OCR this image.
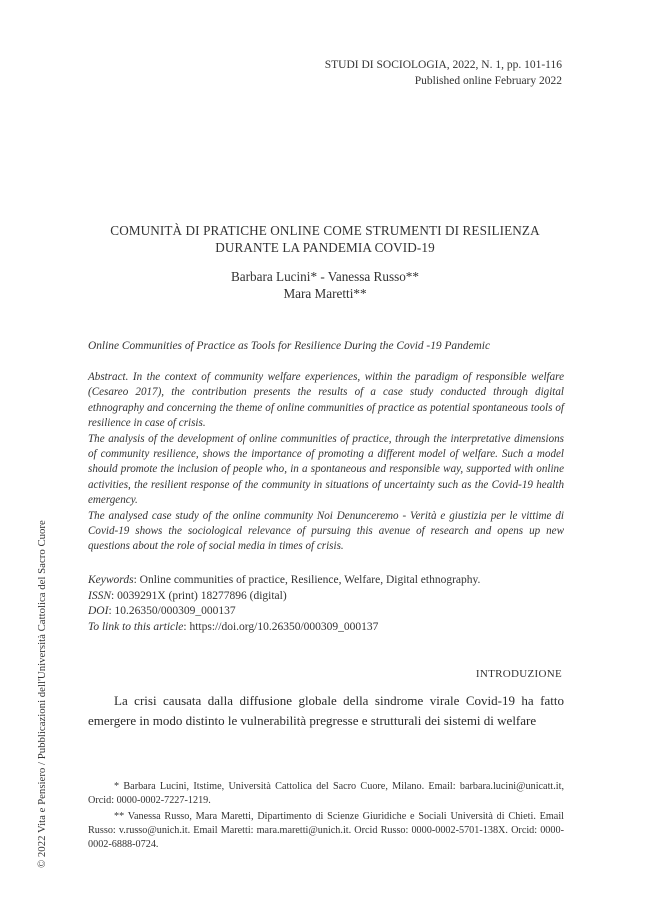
STUDI DI SOCIOLOGIA, 2022, N. 1, pp. 101-116
Published online February 2022
COMUNITÀ DI PRATICHE ONLINE COME STRUMENTI DI RESILIENZA
DURANTE LA PANDEMIA COVID-19
Barbara Lucini* - Vanessa Russo**
Mara Maretti**
Online Communities of Practice as Tools for Resilience During the Covid -19 Pandemic

Abstract. In the context of community welfare experiences, within the paradigm of responsible welfare (Cesareo 2017), the contribution presents the results of a case study conducted through digital ethnography and concerning the theme of online communities of practice as potential spontaneous tools of resilience in case of crisis.

The analysis of the development of online communities of practice, through the interpretative dimensions of community resilience, shows the importance of promoting a different model of welfare. Such a model should promote the inclusion of people who, in a spontaneous and responsible way, supported with online activities, the resilient response of the community in situations of uncertainty such as the Covid-19 health emergency.

The analysed case study of the online community Noi Denunceremo - Verità e giustizia per le vittime di Covid-19 shows the sociological relevance of pursuing this avenue of research and opens up new questions about the role of social media in times of crisis.

Keywords: Online communities of practice, Resilience, Welfare, Digital ethnography.
ISSN: 0039291X (print) 18277896 (digital)
DOI: 10.26350/000309_000137
To link to this article: https://doi.org/10.26350/000309_000137
INTRODUZIONE

La crisi causata dalla diffusione globale della sindrome virale Covid-19 ha fatto emergere in modo distinto le vulnerabilità pregresse e strutturali dei sistemi di welfare

* Barbara Lucini, Itstime, Università Cattolica del Sacro Cuore, Milano. Email: barbara.lucini@unicatt.it, Orcid: 0000-0002-7227-1219.

** Vanessa Russo, Mara Maretti, Dipartimento di Scienze Giuridiche e Sociali Università di Chieti. Email Russo: v.russo@unich.it. Email Maretti: mara.maretti@unich.it. Orcid Russo: 0000-0002-5701-138X. Orcid: 0000-0002-6888-0724.

© 2022 Vita e Pensiero / Pubblicazioni dell'Università Cattolica del Sacro Cuore
